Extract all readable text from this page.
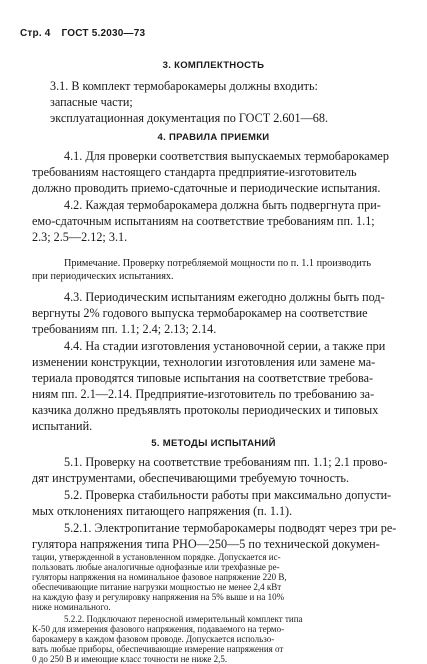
Стр. 4 ГОСТ 5.2030—73
3. КОМПЛЕКТНОСТЬ
3.1. В комплект термобарокамеры должны входить:
запасные части;
эксплуатационная документация по ГОСТ 2.601—68.
4. ПРАВИЛА ПРИЕМКИ
4.1. Для проверки соответствия выпускаемых термобарокамер
требованиям настоящего стандарта предприятие-изготовитель
должно проводить приемо-сдаточные и периодические испытания.
4.2. Каждая термобарокамера должна быть подвергнута при-
емо-сдаточным испытаниям на соответствие требованиям пп. 1.1;
2.3; 2.5—2.12; 3.1.
Примечание. Проверку потребляемой мощности по п. 1.1 производить
при периодических испытаниях.
4.3. Периодическим испытаниям ежегодно должны быть под-
вергнуты 2% годового выпуска термобарокамер на соответствие
требованиям пп. 1.1; 2.4; 2.13; 2.14.
4.4. На стадии изготовления установочной серии, а также при
изменении конструкции, технологии изготовления или замене ма-
териала проводятся типовые испытания на соответствие требова-
ниям пп. 2.1—2.14. Предприятие-изготовитель по требованию за-
казчика должно предъявлять протоколы периодических и типовых
испытаний.
5. МЕТОДЫ ИСПЫТАНИЙ
5.1. Проверку на соответствие требованиям пп. 1.1; 2.1 прово-
дят инструментами, обеспечивающими требуемую точность.
5.2. Проверка стабильности работы при максимально допусти-
мых отклонениях питающего напряжения (п. 1.1).
5.2.1. Электропитание термобарокамеры подводят через три ре-
гулятора напряжения типа РНО—250—5 по технической докумен-
тации, утвержденной в установленном порядке. Допускается ис-
пользовать любые аналогичные однофазные или трехфазные ре-
гуляторы напряжения на номинальное фазовое напряжение 220 В,
обеспечивающие питание нагрузки мощностью не менее 2,4 кВт
на каждую фазу и регулировку напряжения на 5% выше и на 10%
ниже номинального.
5.2.2. Подключают переносной измерительный комплект типа
К-50 для измерения фазового напряжения, подаваемого на термо-
барокамеру в каждом фазовом проводе. Допускается использо-
вать любые приборы, обеспечивающие измерение напряжения от
0 до 250 В и имеющие класс точности не ниже 2,5.
